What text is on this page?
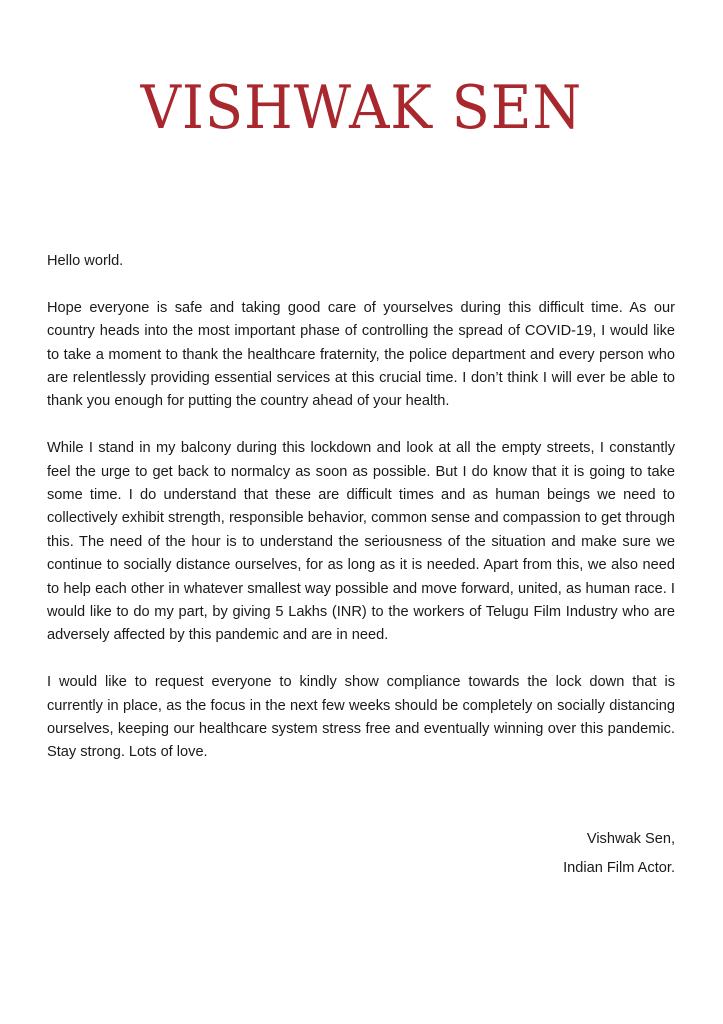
VISHWAK SEN

Hello world.

Hope everyone is safe and taking good care of yourselves during this difficult time. As our country heads into the most important phase of controlling the spread of COVID-19, I would like to take a moment to thank the healthcare fraternity, the police department and every person who are relentlessly providing essential services at this crucial time. I don’t think I will ever be able to thank you enough for putting the country ahead of your health.

While I stand in my balcony during this lockdown and look at all the empty streets, I constantly feel the urge to get back to normalcy as soon as possible. But I do know that it is going to take some time. I do understand that these are difficult times and as human beings we need to collectively exhibit strength, responsible behavior, common sense and compassion to get through this. The need of the hour is to understand the seriousness of the situation and make sure we continue to socially distance ourselves, for as long as it is needed. Apart from this, we also need to help each other in whatever smallest way possible and move forward, united, as human race. I would like to do my part, by giving 5 Lakhs (INR) to the workers of Telugu Film Industry who are adversely affected by this pandemic and are in need.

I would like to request everyone to kindly show compliance towards the lock down that is currently in place, as the focus in the next few weeks should be completely on socially distancing ourselves, keeping our healthcare system stress free and eventually winning over this pandemic. Stay strong. Lots of love.

Vishwak Sen,
Indian Film Actor.
